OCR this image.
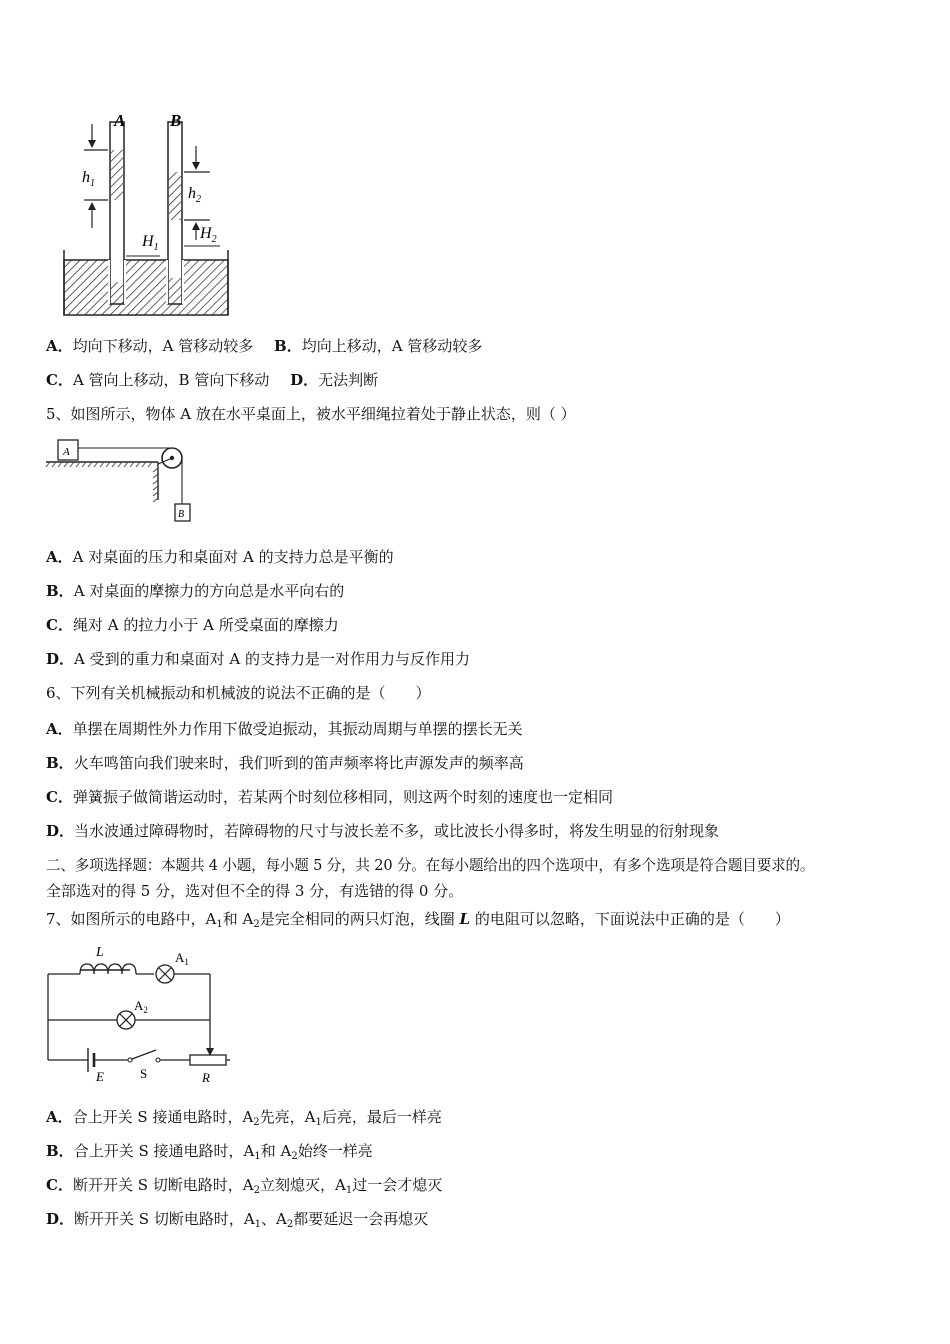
A	B
$h_1$
$h_2$
$H_1$
$H_2$
A．均向下移动，A 管移动较多 B．均向上移动，A 管移动较多
C．A 管向上移动，B 管向下移动 D．无法判断
5、如图所示，物体 A 放在水平桌面上，被水平细绳拉着处于静止状态，则（ ）
A
B
A．A 对桌面的压力和桌面对 A 的支持力总是平衡的
B．A 对桌面的摩擦力的方向总是水平向右的
C．绳对 A 的拉力小于 A 所受桌面的摩擦力
D．A 受到的重力和桌面对 A 的支持力是一对作用力与反作用力
6、下列有关机械振动和机械波的说法不正确的是（　　）
A．单摆在周期性外力作用下做受迫振动，其振动周期与单摆的摆长无关
B．火车鸣笛向我们驶来时，我们听到的笛声频率将比声源发声的频率高
C．弹簧振子做简谐运动时，若某两个时刻位移相同，则这两个时刻的速度也一定相同
D．当水波通过障碍物时，若障碍物的尺寸与波长差不多，或比波长小得多时，将发生明显的衍射现象
二、多项选择题：本题共 4 小题，每小题 5 分，共 20 分。在每小题给出的四个选项中，有多个选项是符合题目要求的。
全部选对的得 5 分，选对但不全的得 3 分，有选错的得 0 分。
7、如图所示的电路中，$A_1$和 $A_2$是完全相同的两只灯泡，线圈 L 的电阻可以忽略，下面说法中正确的是（　　）
L	$A_1$
$A_2$
E	S	R
A．合上开关 S 接通电路时，$A_2$先亮，$A_1$后亮，最后一样亮
B．合上开关 S 接通电路时，$A_1$和 $A_2$始终一样亮
C．断开开关 S 切断电路时，$A_2$立刻熄灭，$A_1$过一会才熄灭
D．断开开关 S 切断电路时，$A_1$、$A_2$都要延迟一会再熄灭
